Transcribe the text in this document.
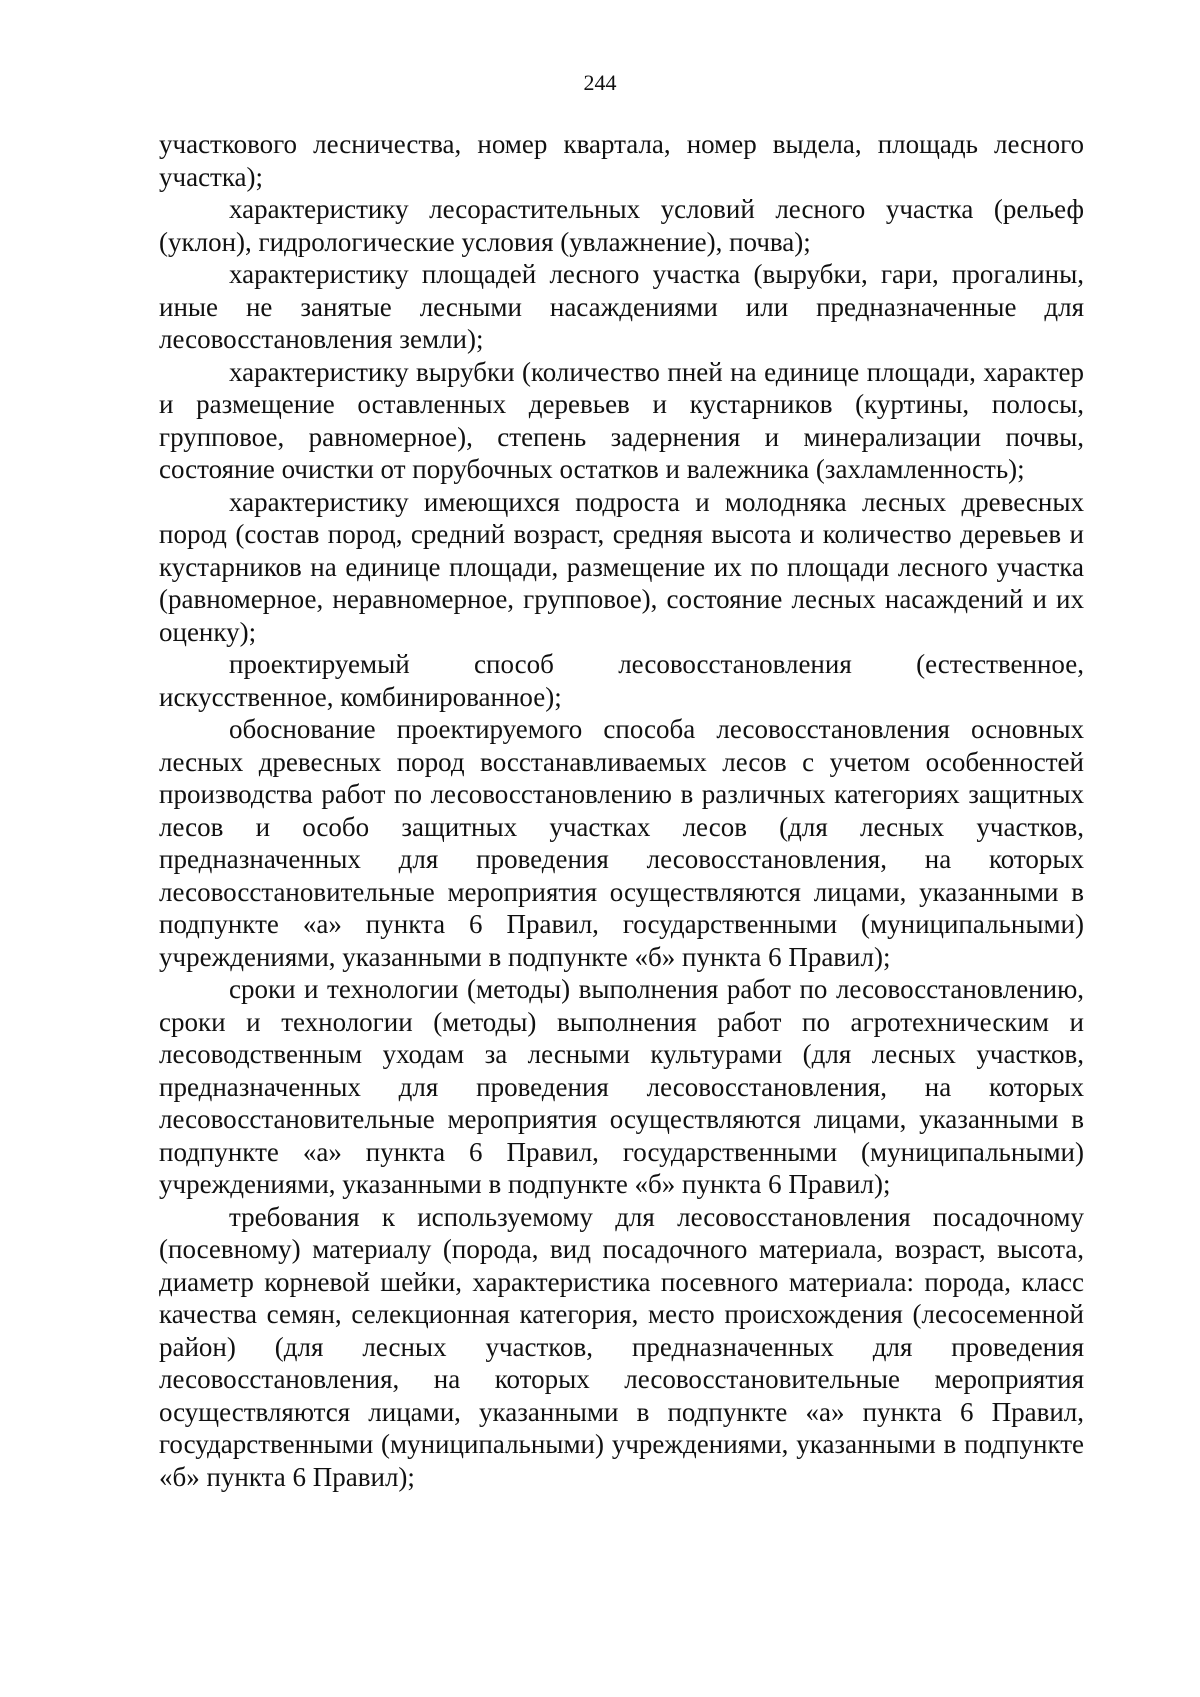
244

участкового лесничества, номер квартала, номер выдела, площадь лесного участка);

характеристику лесорастительных условий лесного участка (рельеф (уклон), гидрологические условия (увлажнение), почва);

характеристику площадей лесного участка (вырубки, гари, прогалины, иные не занятые лесными насаждениями или предназначенные для лесовосстановления земли);

характеристику вырубки (количество пней на единице площади, характер и размещение оставленных деревьев и кустарников (куртины, полосы, групповое, равномерное), степень задернения и минерализации почвы, состояние очистки от порубочных остатков и валежника (захламленность);

характеристику имеющихся подроста и молодняка лесных древесных пород (состав пород, средний возраст, средняя высота и количество деревьев и кустарников на единице площади, размещение их по площади лесного участка (равномерное, неравномерное, групповое), состояние лесных насаждений и их оценку);

проектируемый способ лесовосстановления (естественное, искусственное, комбинированное);

обоснование проектируемого способа лесовосстановления основных лесных древесных пород восстанавливаемых лесов с учетом особенностей производства работ по лесовосстановлению в различных категориях защитных лесов и особо защитных участках лесов (для лесных участков, предназначенных для проведения лесовосстановления, на которых лесовосстановительные мероприятия осуществляются лицами, указанными в подпункте «а» пункта 6 Правил, государственными (муниципальными) учреждениями, указанными в подпункте «б» пункта 6 Правил);

сроки и технологии (методы) выполнения работ по лесовосстановлению, сроки и технологии (методы) выполнения работ по агротехническим и лесоводственным уходам за лесными культурами (для лесных участков, предназначенных для проведения лесовосстановления, на которых лесовосстановительные мероприятия осуществляются лицами, указанными в подпункте «а» пункта 6 Правил, государственными (муниципальными) учреждениями, указанными в подпункте «б» пункта 6 Правил);

требования к используемому для лесовосстановления посадочному (посевному) материалу (порода, вид посадочного материала, возраст, высота, диаметр корневой шейки, характеристика посевного материала: порода, класс качества семян, селекционная категория, место происхождения (лесосеменной район) (для лесных участков, предназначенных для проведения лесовосстановления, на которых лесовосстановительные мероприятия осуществляются лицами, указанными в подпункте «а» пункта 6 Правил, государственными (муниципальными) учреждениями, указанными в подпункте «б» пункта 6 Правил);
